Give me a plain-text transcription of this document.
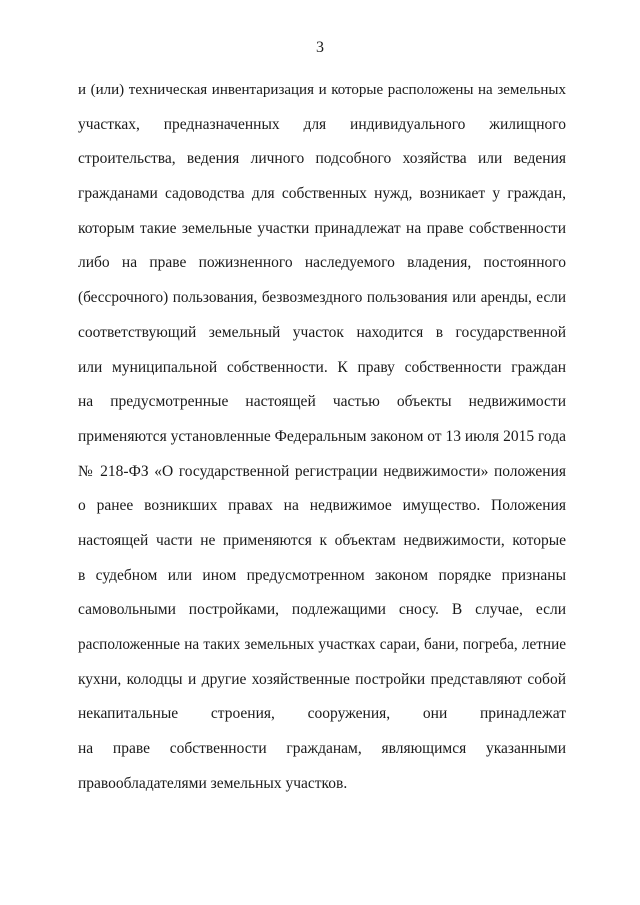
3
и (или) техническая инвентаризация и которые расположены на земельных
участках, предназначенных для индивидуального жилищного
строительства, ведения личного подсобного хозяйства или ведения
гражданами садоводства для собственных нужд, возникает у граждан,
которым такие земельные участки принадлежат на праве собственности
либо на праве пожизненного наследуемого владения, постоянного
(бессрочного) пользования, безвозмездного пользования или аренды, если
соответствующий земельный участок находится в государственной
или муниципальной собственности. К праву собственности граждан
на предусмотренные настоящей частью объекты недвижимости
применяются установленные Федеральным законом от 13 июля 2015 года
№ 218-ФЗ «О государственной регистрации недвижимости» положения
о ранее возникших правах на недвижимое имущество. Положения
настоящей части не применяются к объектам недвижимости, которые
в судебном или ином предусмотренном законом порядке признаны
самовольными постройками, подлежащими сносу. В случае, если
расположенные на таких земельных участках сараи, бани, погреба, летние
кухни, колодцы и другие хозяйственные постройки представляют собой
некапитальные строения, сооружения, они принадлежат
на праве собственности гражданам, являющимся указанными
правообладателями земельных участков.
